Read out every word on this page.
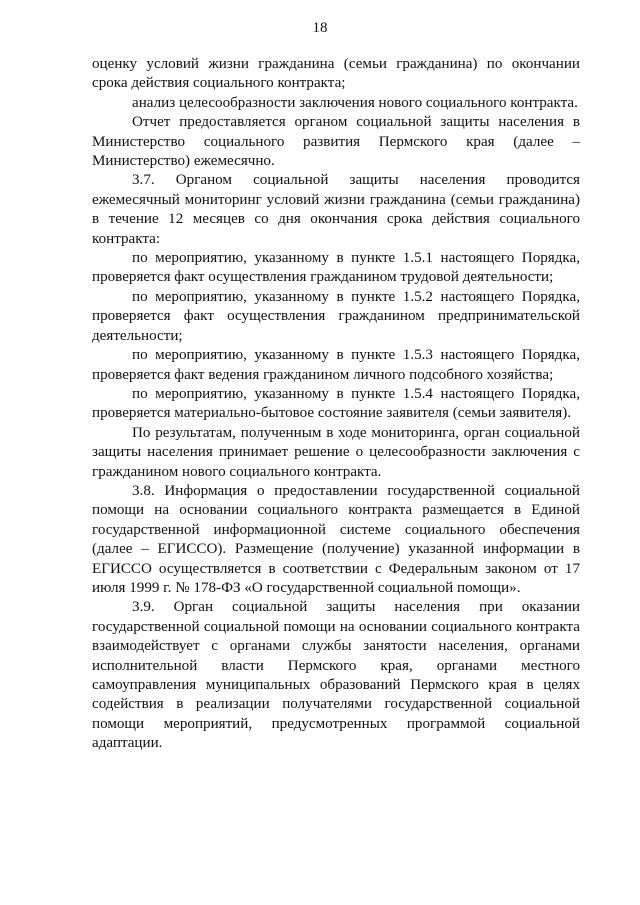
18

оценку условий жизни гражданина (семьи гражданина) по окончании срока действия социального контракта;

анализ целесообразности заключения нового социального контракта.

Отчет предоставляется органом социальной защиты населения в Министерство социального развития Пермского края (далее – Министерство) ежемесячно.

3.7. Органом социальной защиты населения проводится ежемесячный мониторинг условий жизни гражданина (семьи гражданина) в течение 12 месяцев со дня окончания срока действия социального контракта:

по мероприятию, указанному в пункте 1.5.1 настоящего Порядка, проверяется факт осуществления гражданином трудовой деятельности;

по мероприятию, указанному в пункте 1.5.2 настоящего Порядка, проверяется факт осуществления гражданином предпринимательской деятельности;

по мероприятию, указанному в пункте 1.5.3 настоящего Порядка, проверяется факт ведения гражданином личного подсобного хозяйства;

по мероприятию, указанному в пункте 1.5.4 настоящего Порядка, проверяется материально-бытовое состояние заявителя (семьи заявителя).

По результатам, полученным в ходе мониторинга, орган социальной защиты населения принимает решение о целесообразности заключения с гражданином нового социального контракта.

3.8. Информация о предоставлении государственной социальной помощи на основании социального контракта размещается в Единой государственной информационной системе социального обеспечения (далее – ЕГИССО). Размещение (получение) указанной информации в ЕГИССО осуществляется в соответствии с Федеральным законом от 17 июля 1999 г. № 178-ФЗ «О государственной социальной помощи».

3.9. Орган социальной защиты населения при оказании государственной социальной помощи на основании социального контракта взаимодействует с органами службы занятости населения, органами исполнительной власти Пермского края, органами местного самоуправления муниципальных образований Пермского края в целях содействия в реализации получателями государственной социальной помощи мероприятий, предусмотренных программой социальной адаптации.
